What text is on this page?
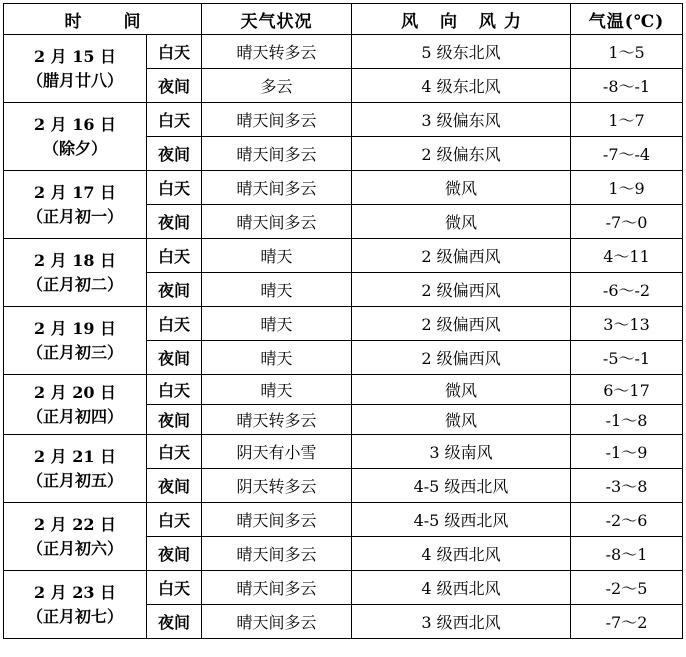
时 间		天气状况	风 向 风力	气温(℃)

2 月 15 日
（腊月廿八）	白天	晴天转多云	5 级东北风	1～5
	夜间	多云	4 级东北风	-8～-1

2 月 16 日
（除夕）	白天	晴天间多云	3 级偏东风	1～7
	夜间	晴天间多云	2 级偏东风	-7～-4

2 月 17 日
（正月初一）	白天	晴天间多云	微风	1～9
	夜间	晴天间多云	微风	-7～0

2 月 18 日
（正月初二）	白天	晴天	2 级偏西风	4～11
	夜间	晴天	2 级偏西风	-6～-2

2 月 19 日
（正月初三）	白天	晴天	2 级偏西风	3～13
	夜间	晴天	2 级偏西风	-5～-1

2 月 20 日
（正月初四）	白天	晴天	微风	6～17
	夜间	晴天转多云	微风	-1～8

2 月 21 日
（正月初五）	白天	阴天有小雪	3 级南风	-1～9
	夜间	阴天转多云	4-5 级西北风	-3～8

2 月 22 日
（正月初六）	白天	晴天间多云	4-5 级西北风	-2～6
	夜间	晴天间多云	4 级西北风	-8～1

2 月 23 日
（正月初七）	白天	晴天间多云	4 级西北风	-2～5
	夜间	晴天间多云	3 级西北风	-7～2
